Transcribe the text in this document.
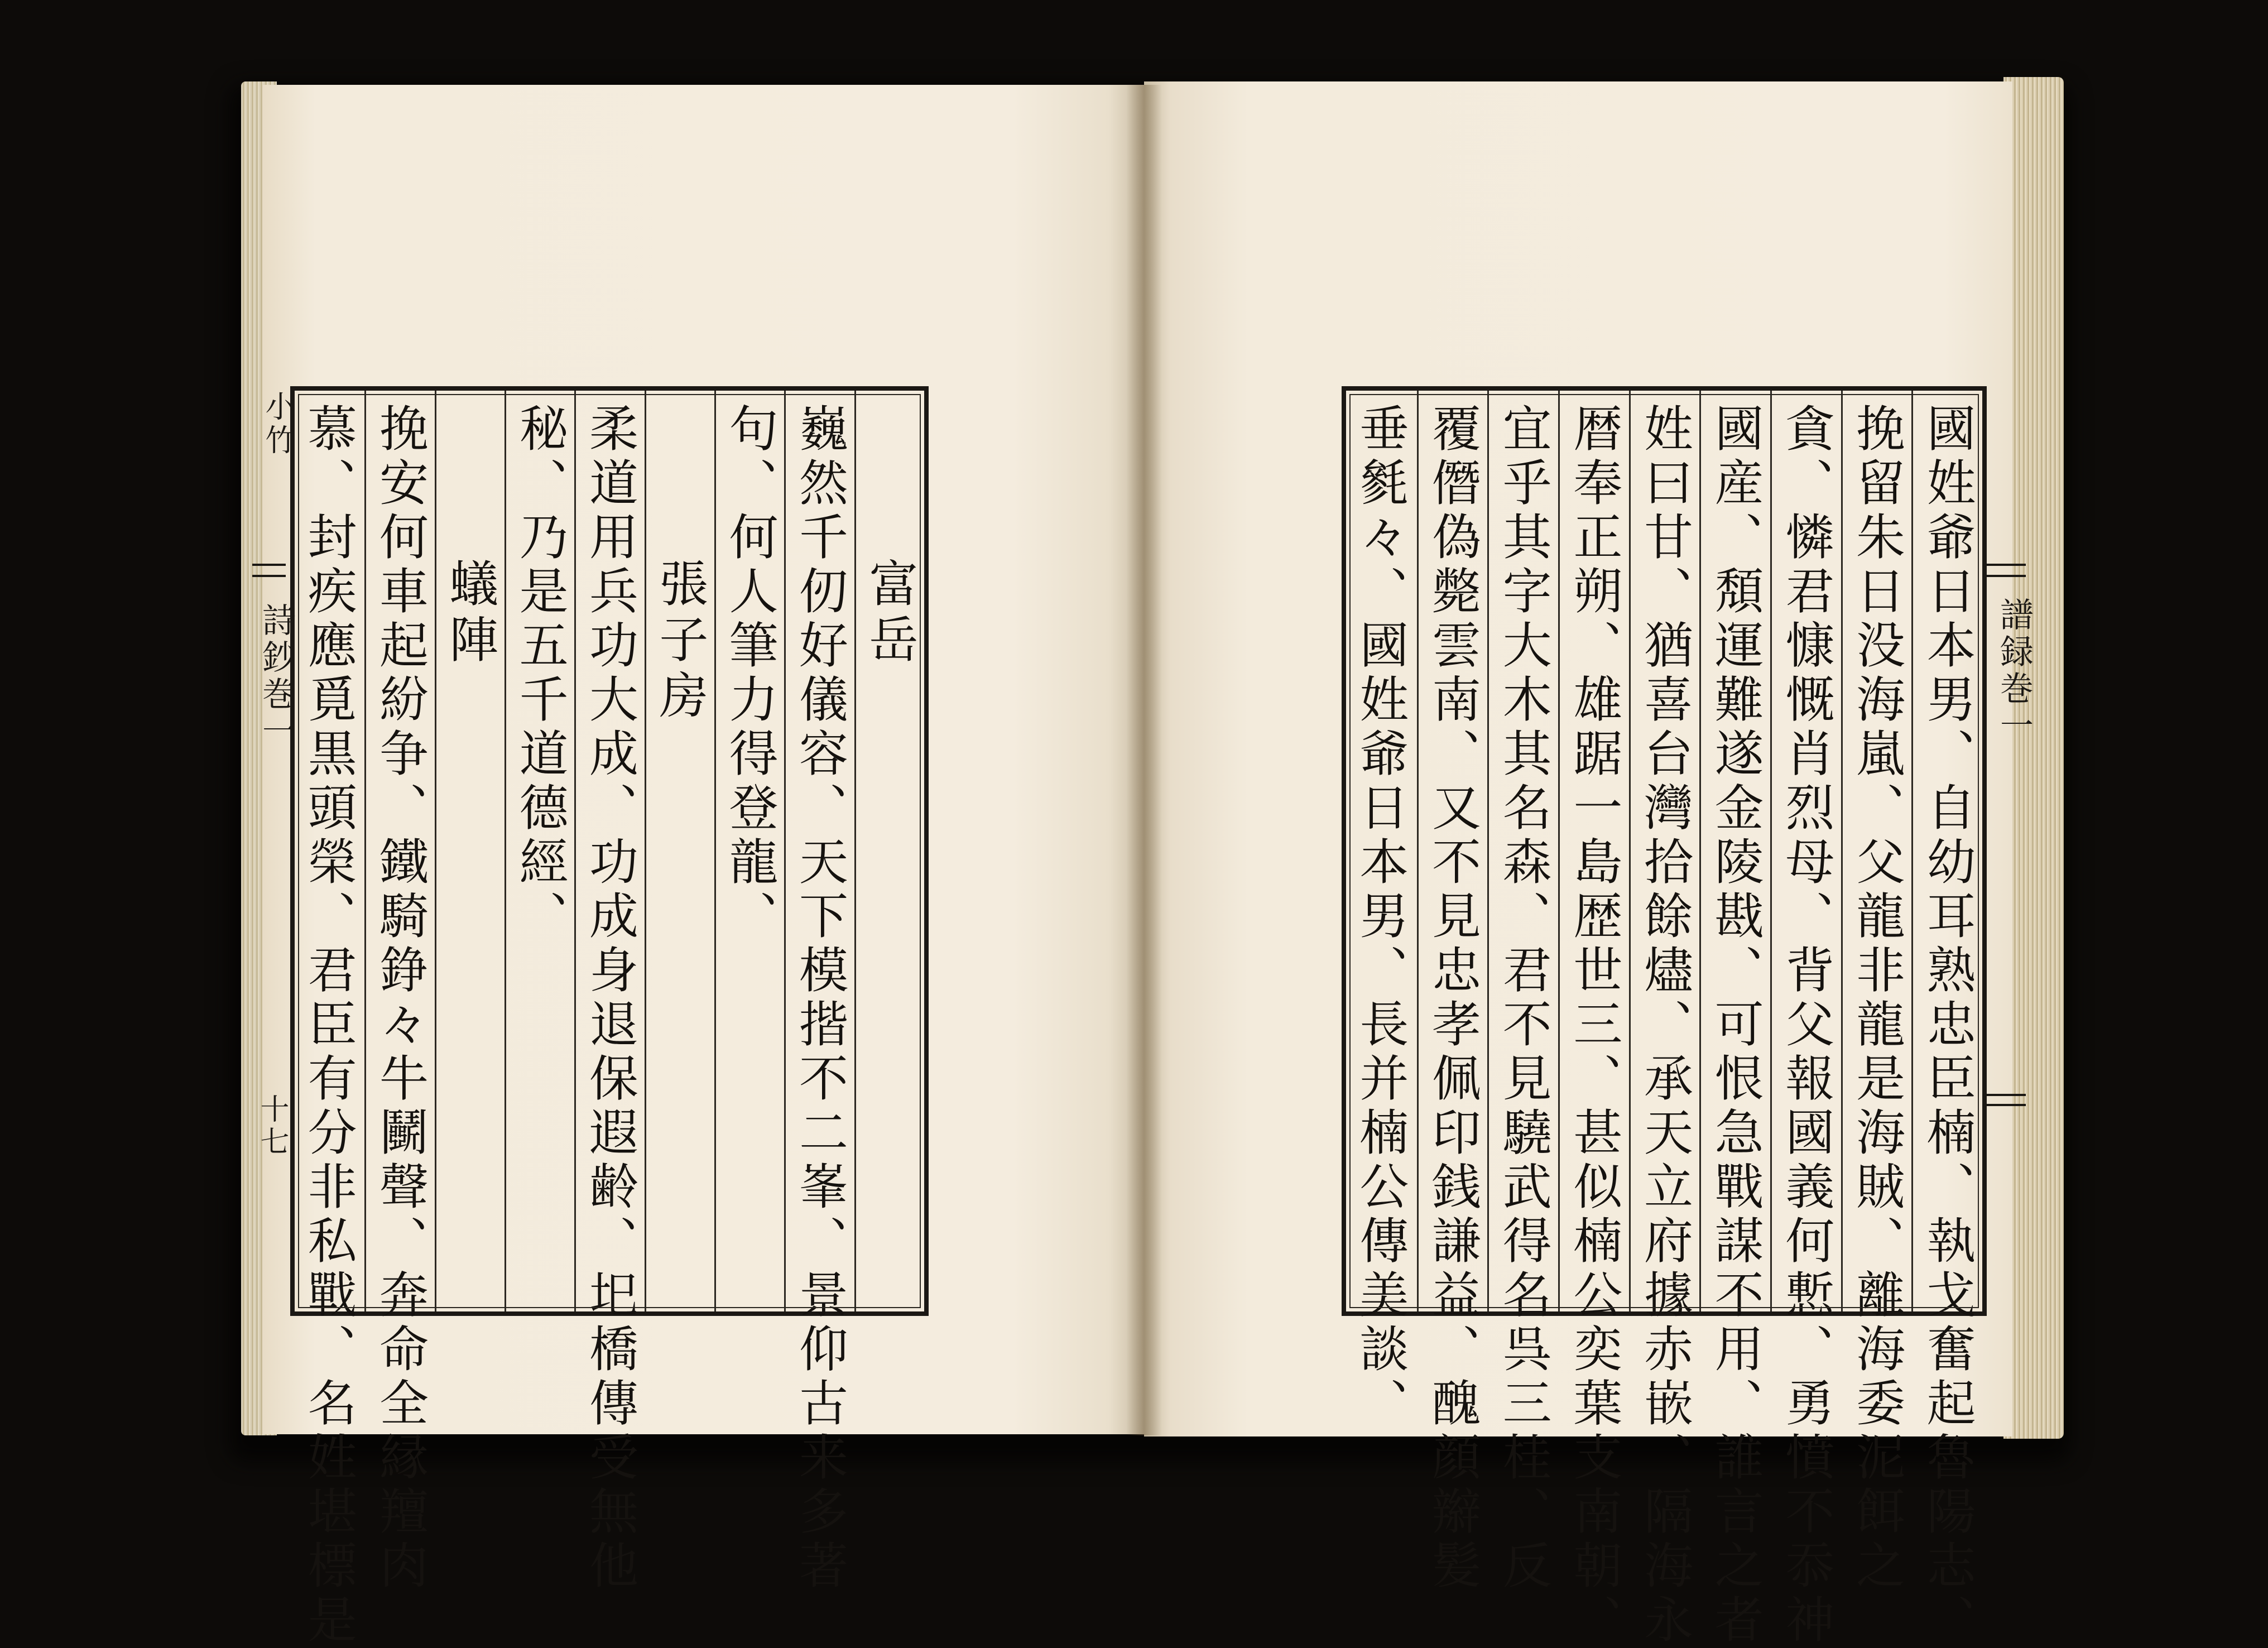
小竹
詩鈔巻一
十七
富岳
巍然千仞好儀容、天下模揩不二峯、景仰古来多著
句、何人筆力得登龍、
張子房
柔道用兵功大成、功成身退保遐齢、圯橋傳受無他
秘、乃是五千道德經、
蟻陣
挽安何車起紛争、鐵騎錚々牛鬭聲、奔命全縁羶肉
慕、封疾應覓黒頭榮、君臣有分非私戰、名姓堪標是	譜録巻一
國姓爺日本男、自幼耳熟忠臣楠、執戈奮起魯陽志、
挽留朱日没海嵐、父龍非龍是海賊、離海委泥餌之
貪、憐君慷慨肖烈母、背父報國義何慙、勇憤不忝神
國産、頽運難遂金陵戡、可恨急戰謀不用、誰言之者
姓曰甘、猶喜台灣拾餘燼、承天立府據赤嵌、隔海永
暦奉正朔、雄踞一島歴世三、甚似楠公奕葉支南朝、
宜乎其字大木其名森、君不見驍武得名呉三桂、反
覆僭偽斃雲南、又不見忠孝佩印銭謙益、醜顔辮髪
垂毿々、國姓爺日本男、長并楠公傳美談、
